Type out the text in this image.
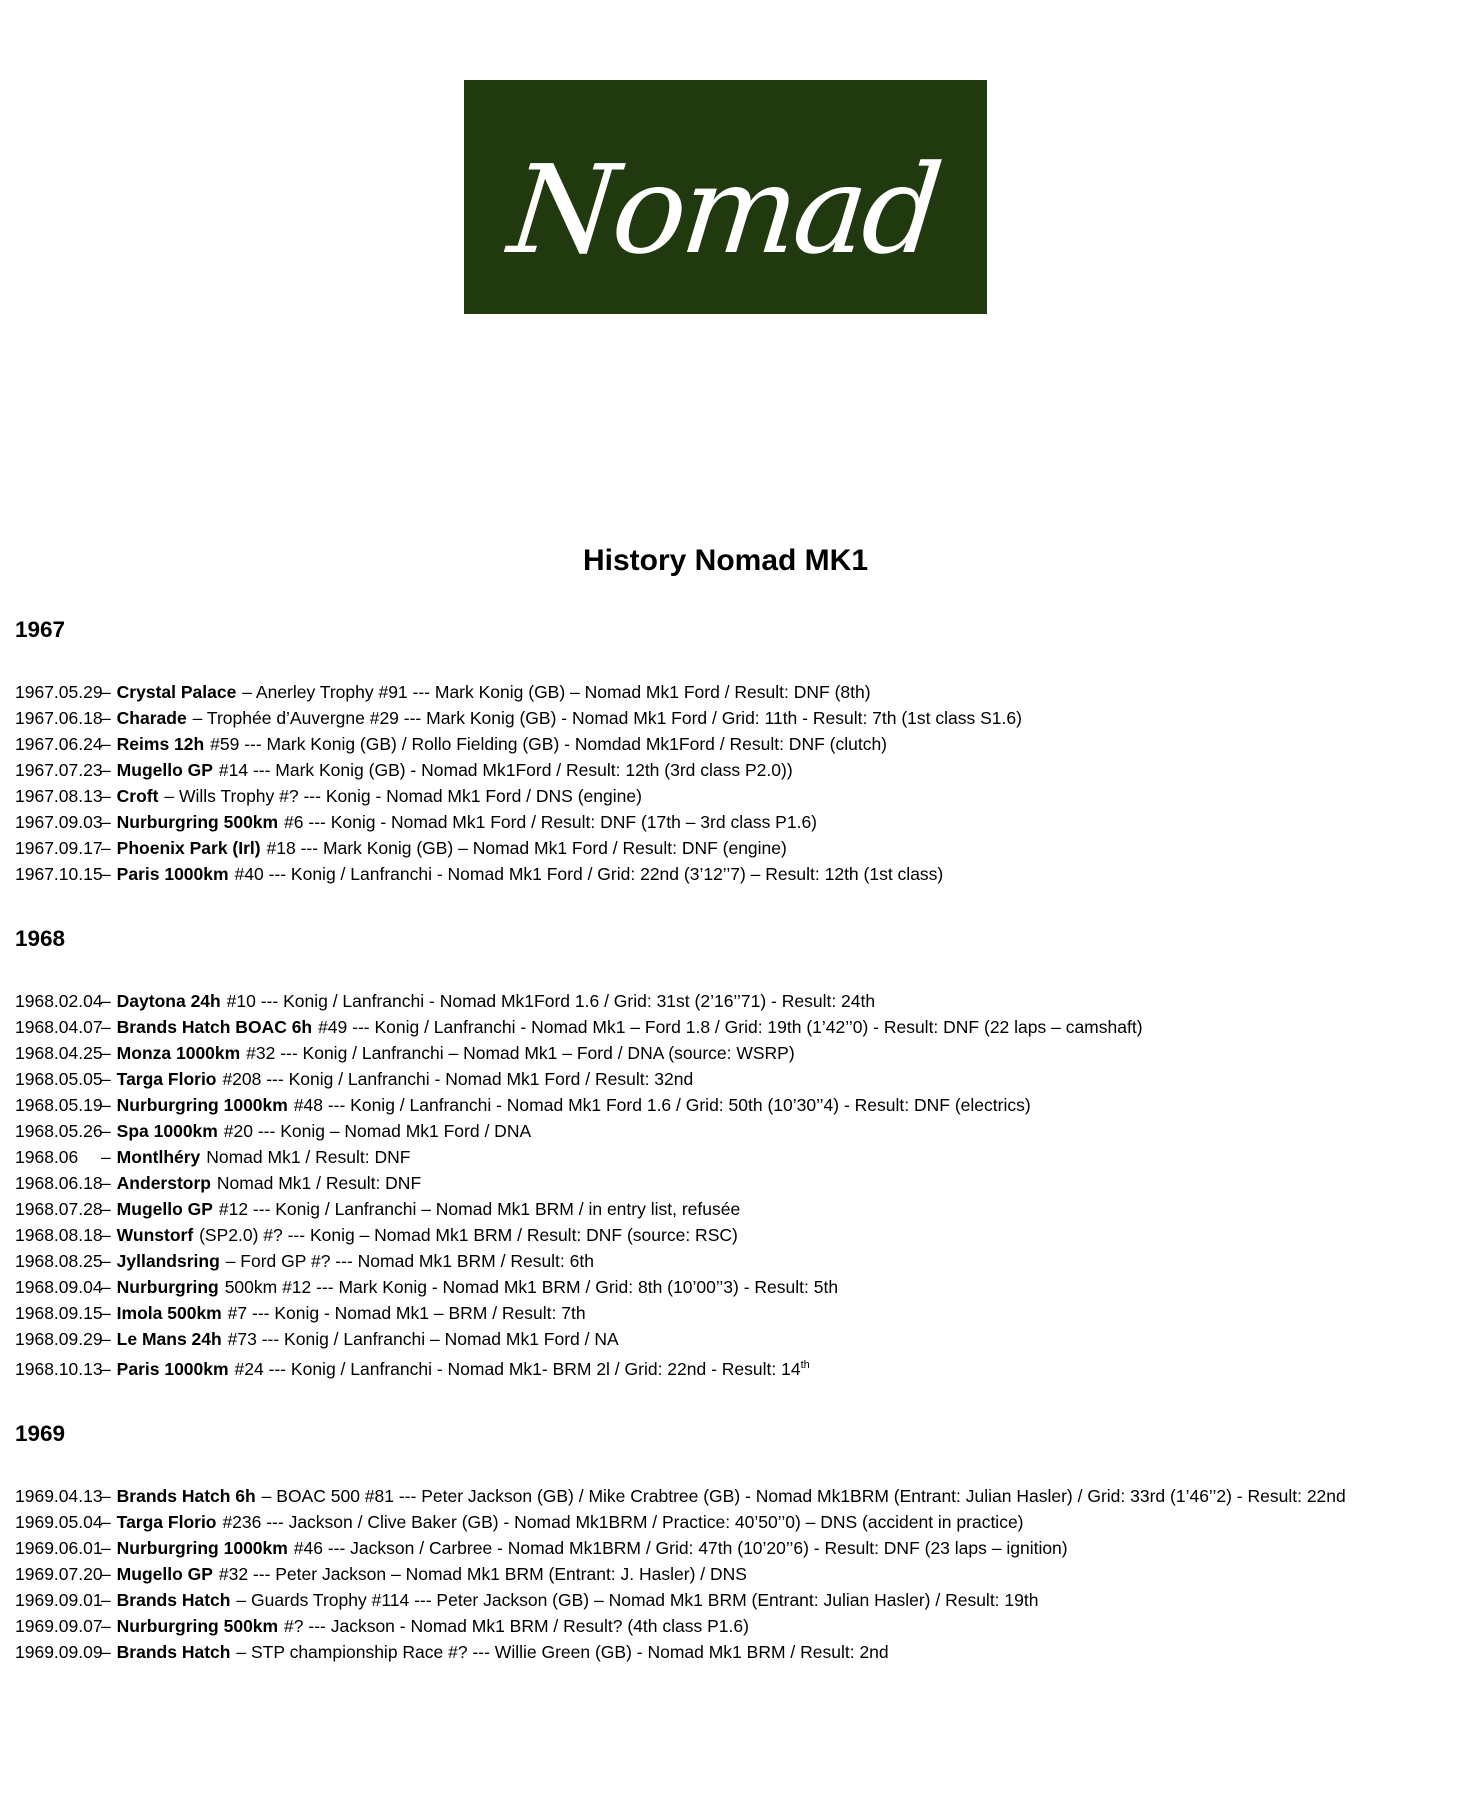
Nomad
History Nomad MK1
1967
1967.05.29– Crystal Palace – Anerley Trophy #91 --- Mark Konig (GB) – Nomad Mk1 Ford / Result: DNF (8th)
1967.06.18– Charade – Trophée d’Auvergne #29 --- Mark Konig (GB) - Nomad Mk1 Ford / Grid: 11th - Result: 7th (1st class S1.6)
1967.06.24– Reims 12h #59 --- Mark Konig (GB) / Rollo Fielding (GB) - Nomdad Mk1Ford / Result: DNF (clutch)
1967.07.23– Mugello GP #14 --- Mark Konig (GB) - Nomad Mk1Ford / Result: 12th (3rd class P2.0))
1967.08.13– Croft – Wills Trophy #? --- Konig - Nomad Mk1 Ford / DNS (engine)
1967.09.03– Nurburgring 500km #6 --- Konig - Nomad Mk1 Ford / Result: DNF (17th – 3rd class P1.6)
1967.09.17– Phoenix Park (Irl) #18 --- Mark Konig (GB) – Nomad Mk1 Ford / Result: DNF (engine)
1967.10.15– Paris 1000km #40 --- Konig / Lanfranchi - Nomad Mk1 Ford / Grid: 22nd (3’12’’7) – Result: 12th (1st class)
1968
1968.02.04– Daytona 24h #10 --- Konig / Lanfranchi - Nomad Mk1Ford 1.6 / Grid: 31st (2’16’’71) - Result: 24th
1968.04.07– Brands Hatch BOAC 6h #49 --- Konig / Lanfranchi - Nomad Mk1 – Ford 1.8 / Grid: 19th (1’42’’0) - Result: DNF (22 laps – camshaft)
1968.04.25– Monza 1000km #32 --- Konig / Lanfranchi – Nomad Mk1 – Ford / DNA (source: WSRP)
1968.05.05– Targa Florio #208 --- Konig / Lanfranchi - Nomad Mk1 Ford / Result: 32nd
1968.05.19– Nurburgring 1000km #48 --- Konig / Lanfranchi - Nomad Mk1 Ford 1.6 / Grid: 50th (10’30’’4) - Result: DNF (electrics)
1968.05.26– Spa 1000km #20 --- Konig – Nomad Mk1 Ford / DNA
1968.06 – Montlhéry Nomad Mk1 / Result: DNF
1968.06.18– Anderstorp Nomad Mk1 / Result: DNF
1968.07.28– Mugello GP #12 --- Konig / Lanfranchi – Nomad Mk1 BRM / in entry list, refusée
1968.08.18– Wunstorf (SP2.0) #? --- Konig – Nomad Mk1 BRM / Result: DNF (source: RSC)
1968.08.25– Jyllandsring – Ford GP #? --- Nomad Mk1 BRM / Result: 6th
1968.09.04– Nurburgring 500km #12 --- Mark Konig - Nomad Mk1 BRM / Grid: 8th (10’00’’3) - Result: 5th
1968.09.15– Imola 500km #7 --- Konig - Nomad Mk1 – BRM / Result: 7th
1968.09.29– Le Mans 24h #73 --- Konig / Lanfranchi – Nomad Mk1 Ford / NA
1968.10.13– Paris 1000km #24 --- Konig / Lanfranchi - Nomad Mk1- BRM 2l / Grid: 22nd - Result: 14th
1969
1969.04.13– Brands Hatch 6h – BOAC 500 #81 --- Peter Jackson (GB) / Mike Crabtree (GB) - Nomad Mk1BRM (Entrant: Julian Hasler) / Grid: 33rd (1’46’’2) - Result: 22nd
1969.05.04– Targa Florio #236 --- Jackson / Clive Baker (GB) - Nomad Mk1BRM / Practice: 40’50’’0) – DNS (accident in practice)
1969.06.01– Nurburgring 1000km #46 --- Jackson / Carbree - Nomad Mk1BRM / Grid: 47th (10’20’’6) - Result: DNF (23 laps – ignition)
1969.07.20– Mugello GP #32 --- Peter Jackson – Nomad Mk1 BRM (Entrant: J. Hasler) / DNS
1969.09.01– Brands Hatch – Guards Trophy #114 --- Peter Jackson (GB) – Nomad Mk1 BRM (Entrant: Julian Hasler) / Result: 19th
1969.09.07– Nurburgring 500km #? --- Jackson - Nomad Mk1 BRM / Result? (4th class P1.6)
1969.09.09– Brands Hatch – STP championship Race #? --- Willie Green (GB) - Nomad Mk1 BRM / Result: 2nd
